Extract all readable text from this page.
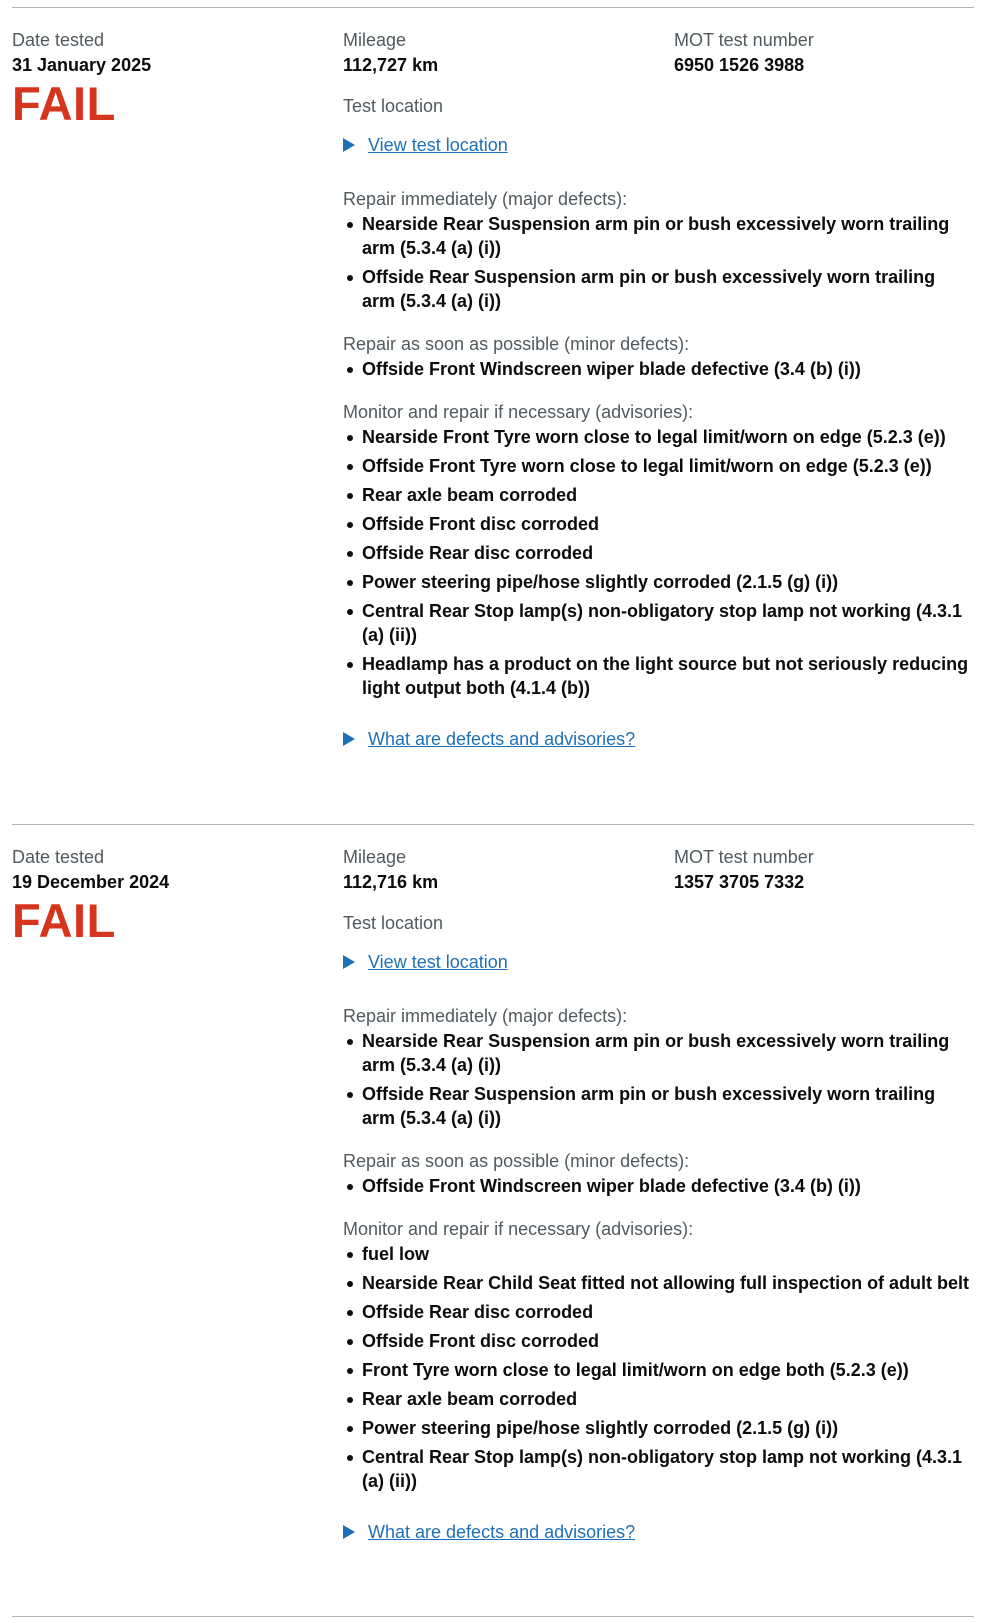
Date tested

31 January 2025

FAIL

Mileage

112,727 km

Test location

View test location

Repair immediately (major defects):

Nearside Rear Suspension arm pin or bush excessively worn trailing arm (5.3.4 (a) (i))
Offside Rear Suspension arm pin or bush excessively worn trailing arm (5.3.4 (a) (i))

Repair as soon as possible (minor defects):

Offside Front Windscreen wiper blade defective (3.4 (b) (i))

Monitor and repair if necessary (advisories):

Nearside Front Tyre worn close to legal limit/worn on edge (5.2.3 (e))
Offside Front Tyre worn close to legal limit/worn on edge (5.2.3 (e))
Rear axle beam corroded
Offside Front disc corroded
Offside Rear disc corroded
Power steering pipe/hose slightly corroded (2.1.5 (g) (i))
Central Rear Stop lamp(s) non-obligatory stop lamp not working (4.3.1 (a) (ii))
Headlamp has a product on the light source but not seriously reducing light output both (4.1.4 (b))
What are defects and advisories?

MOT test number

6950 1526 3988

Date tested

19 December 2024

FAIL

Mileage

112,716 km

Test location

View test location

Repair immediately (major defects):

Nearside Rear Suspension arm pin or bush excessively worn trailing arm (5.3.4 (a) (i))
Offside Rear Suspension arm pin or bush excessively worn trailing arm (5.3.4 (a) (i))

Repair as soon as possible (minor defects):

Offside Front Windscreen wiper blade defective (3.4 (b) (i))

Monitor and repair if necessary (advisories):

fuel low
Nearside Rear Child Seat fitted not allowing full inspection of adult belt
Offside Rear disc corroded
Offside Front disc corroded
Front Tyre worn close to legal limit/worn on edge both (5.2.3 (e))
Rear axle beam corroded
Power steering pipe/hose slightly corroded (2.1.5 (g) (i))
Central Rear Stop lamp(s) non-obligatory stop lamp not working (4.3.1 (a) (ii))
What are defects and advisories?

MOT test number

1357 3705 7332
